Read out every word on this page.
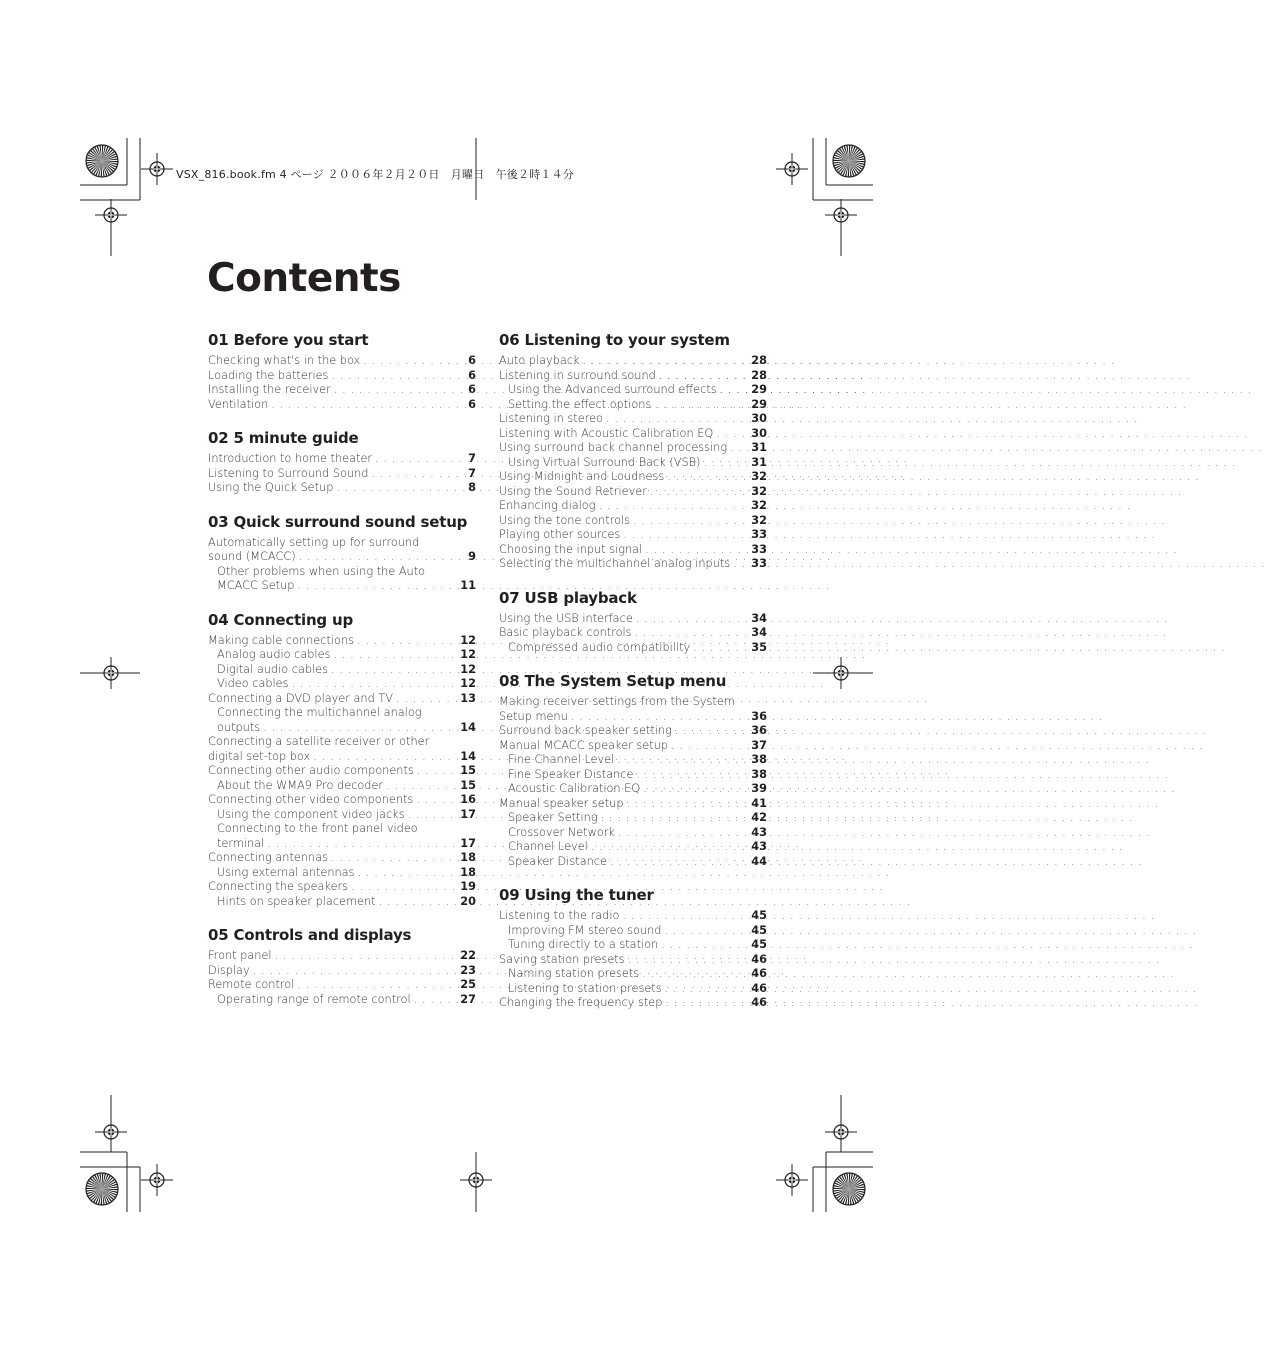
VSX_816.book.fm 4 ページ ２００６年２月２０日　月曜日　午後２時１４分
Contents
01 Before you start
Checking what's in the box . . .	6
Loading the batteries . . .	6
Installing the receiver . . .	6
Ventilation . . .	6
02 5 minute guide
Introduction to home theater . . .	7
Listening to Surround Sound . . .	7
Using the Quick Setup . . .	8
03 Quick surround sound setup
Automatically setting up for surround
sound (MCACC) . . .	9
Other problems when using the Auto
MCACC Setup . . .	11
04 Connecting up
Making cable connections . . .	12
Analog audio cables . . .	12
Digital audio cables . . .	12
Video cables . . .	12
Connecting a DVD player and TV . . .	13
Connecting the multichannel analog
outputs . . .	14
Connecting a satellite receiver or other
digital set-top box . . .	14
Connecting other audio components . . .	15
About the WMA9 Pro decoder . . .	15
Connecting other video components . . .	16
Using the component video jacks . . .	17
Connecting to the front panel video
terminal . . .	17
Connecting antennas . . .	18
Using external antennas . . .	18
Connecting the speakers . . .	19
Hints on speaker placement . . .	20
05 Controls and displays
Front panel . . .	22
Display . . .	23
Remote control . . .	25
Operating range of remote control . . .	27
06 Listening to your system
Auto playback . . .	28
Listening in surround sound . . .	28
Using the Advanced surround effects . . .	29
Setting the effect options . . .	29
Listening in stereo . . .	30
Listening with Acoustic Calibration EQ . . .	30
Using surround back channel processing . . . 31
Using Virtual Surround Back (VSB) . . .	31
Using Midnight and Loudness . . .	32
Using the Sound Retriever . . .	32
Enhancing dialog . . .	32
Using the tone controls . . .	32
Playing other sources . . .	33
Choosing the input signal . . .	33
Selecting the multichannel analog inputs . . . 33
07 USB playback
Using the USB interface . . .	34
Basic playback controls . . .	34
Compressed audio compatibility . . .	35
08 The System Setup menu
Making receiver settings from the System
Setup menu . . .	36
Surround back speaker setting . . .	36
Manual MCACC speaker setup . . .	37
Fine Channel Level . . .	38
Fine Speaker Distance . . .	38
Acoustic Calibration EQ . . .	39
Manual speaker setup . . .	41
Speaker Setting . . .	42
Crossover Network . . .	43
Channel Level . . .	43
Speaker Distance . . .	44
09 Using the tuner
Listening to the radio . . .	45
Improving FM stereo sound . . .	45
Tuning directly to a station . . .	45
Saving station presets . . .	46
Naming station presets . . .	46
Listening to station presets . . .	46
Changing the frequency step . . .	46
